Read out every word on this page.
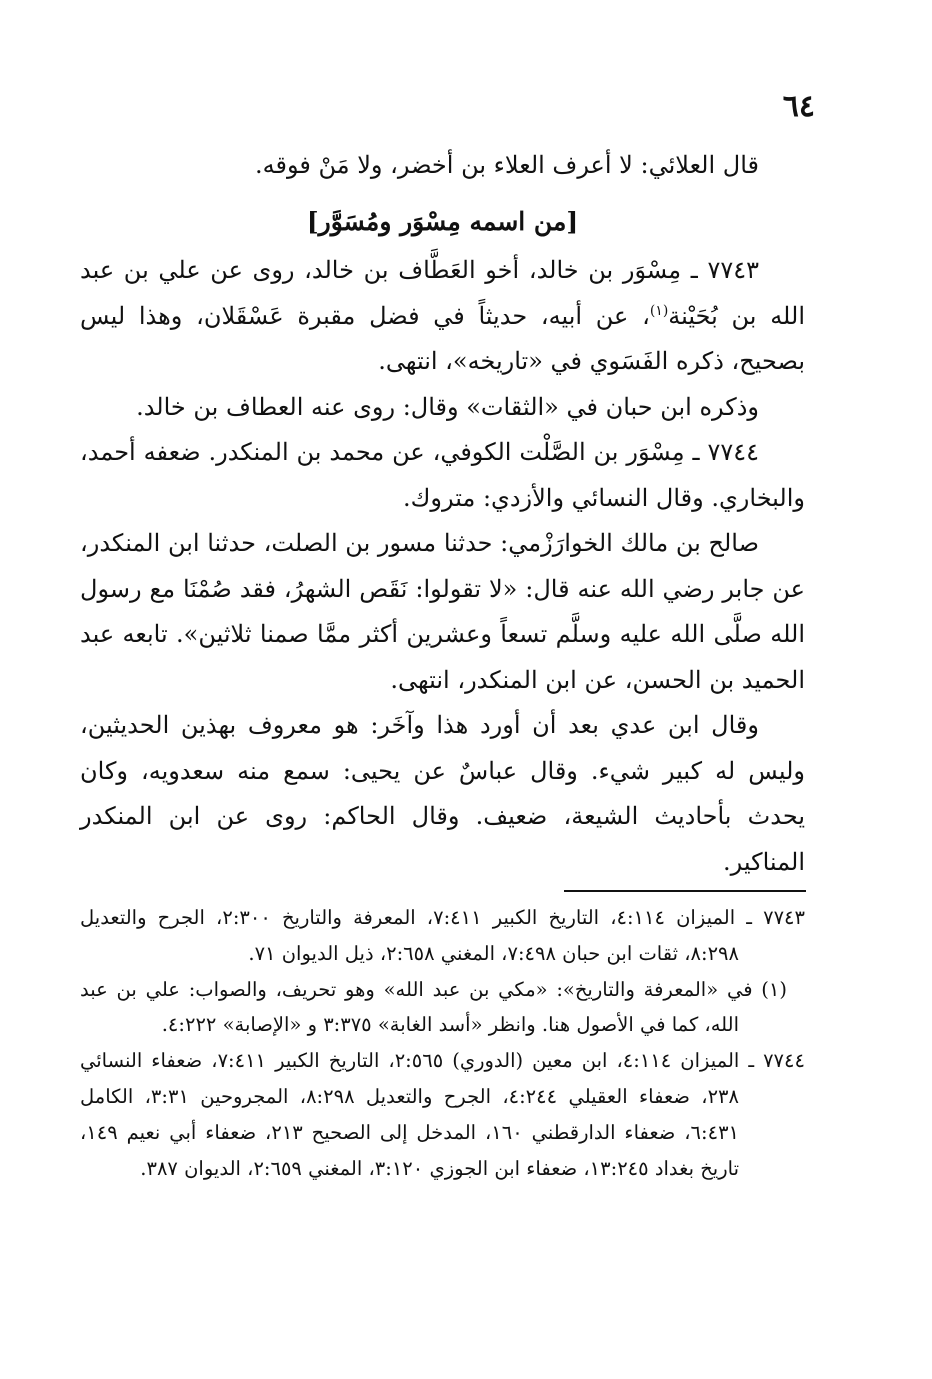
٦٤

قال العلائي: لا أعرف العلاء بن أخضر، ولا مَنْ فوقه.

[من اسمه مِسْوَر ومُسَوَّر]

٧٧٤٣ ـ مِسْوَر بن خالد، أخو العَطَّاف بن خالد، روى عن علي بن عبد الله بن بُحَيْنة$^{(١)}$، عن أبيه، حديثاً في فضل مقبرة عَسْقَلان، وهذا ليس بصحيح، ذكره الفَسَوي في «تاريخه»، انتهى.

وذكره ابن حبان في «الثقات» وقال: روى عنه العطاف بن خالد.

٧٧٤٤ ـ مِسْوَر بن الصَّلْت الكوفي، عن محمد بن المنكدر. ضعفه أحمد، والبخاري. وقال النسائي والأزدي: متروك.

صالح بن مالك الخوارَزْمي: حدثنا مسور بن الصلت، حدثنا ابن المنكدر، عن جابر رضي الله عنه قال: «لا تقولوا: نَقَص الشهرُ، فقد صُمْنَا مع رسول الله صلَّى الله عليه وسلَّم تسعاً وعشرين أكثر ممَّا صمنا ثلاثين». تابعه عبد الحميد بن الحسن، عن ابن المنكدر، انتهى.

وقال ابن عدي بعد أن أورد هذا وآخَر: هو معروف بهذين الحديثين، وليس له كبير شيء. وقال عباسٌ عن يحيى: سمع منه سعدويه، وكان يحدث بأحاديث الشيعة، ضعيف. وقال الحاكم: روى عن ابن المنكدر المناكير.

٧٧٤٣ ـ الميزان ٤:١١٤، التاريخ الكبير ٧:٤١١، المعرفة والتاريخ ٢:٣٠٠، الجرح والتعديل ٨:٢٩٨، ثقات ابن حبان ٧:٤٩٨، المغني ٢:٦٥٨، ذيل الديوان ٧١.

(١) في «المعرفة والتاريخ»: «مكي بن عبد الله» وهو تحريف، والصواب: علي بن عبد الله، كما في الأصول هنا. وانظر «أسد الغابة» ٣:٣٧٥ و «الإصابة» ٤:٢٢٢.

٧٧٤٤ ـ الميزان ٤:١١٤، ابن معين (الدوري) ٢:٥٦٥، التاريخ الكبير ٧:٤١١، ضعفاء النسائي ٢٣٨، ضعفاء العقيلي ٤:٢٤٤، الجرح والتعديل ٨:٢٩٨، المجروحين ٣:٣١، الكامل ٦:٤٣١، ضعفاء الدارقطني ١٦٠، المدخل إلى الصحيح ٢١٣، ضعفاء أبي نعيم ١٤٩، تاريخ بغداد ١٣:٢٤٥، ضعفاء ابن الجوزي ٣:١٢٠، المغني ٢:٦٥٩، الديوان ٣٨٧.
